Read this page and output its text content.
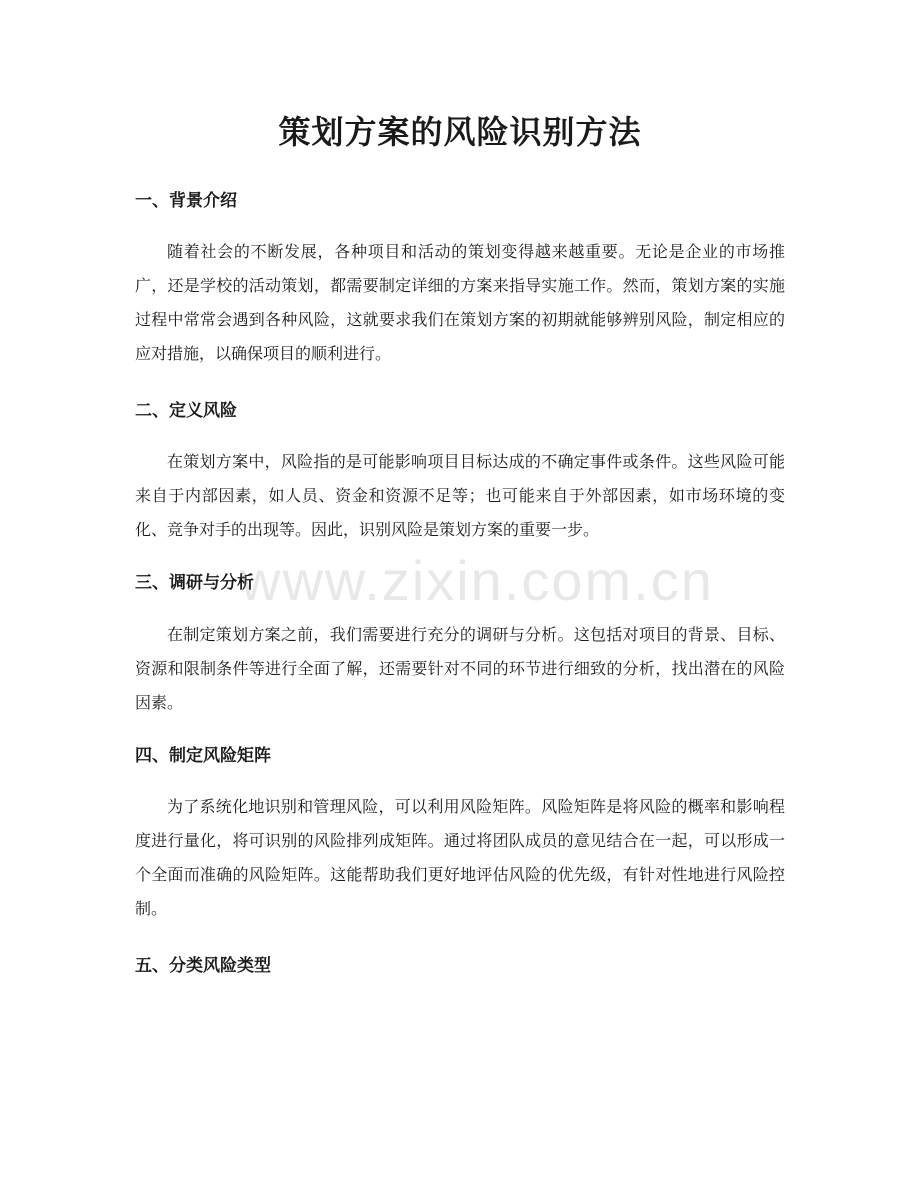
策划方案的风险识别方法
一、背景介绍

随着社会的不断发展，各种项目和活动的策划变得越来越重要。无论是企业的市场推广，还是学校的活动策划，都需要制定详细的方案来指导实施工作。然而，策划方案的实施过程中常常会遇到各种风险，这就要求我们在策划方案的初期就能够辨别风险，制定相应的应对措施，以确保项目的顺利进行。

二、定义风险

在策划方案中，风险指的是可能影响项目目标达成的不确定事件或条件。这些风险可能来自于内部因素，如人员、资金和资源不足等；也可能来自于外部因素，如市场环境的变化、竞争对手的出现等。因此，识别风险是策划方案的重要一步。

三、调研与分析

在制定策划方案之前，我们需要进行充分的调研与分析。这包括对项目的背景、目标、资源和限制条件等进行全面了解，还需要针对不同的环节进行细致的分析，找出潜在的风险因素。

四、制定风险矩阵

为了系统化地识别和管理风险，可以利用风险矩阵。风险矩阵是将风险的概率和影响程度进行量化，将可识别的风险排列成矩阵。通过将团队成员的意见结合在一起，可以形成一个全面而准确的风险矩阵。这能帮助我们更好地评估风险的优先级，有针对性地进行风险控制。

五、分类风险类型
www.zixin.com.cn
